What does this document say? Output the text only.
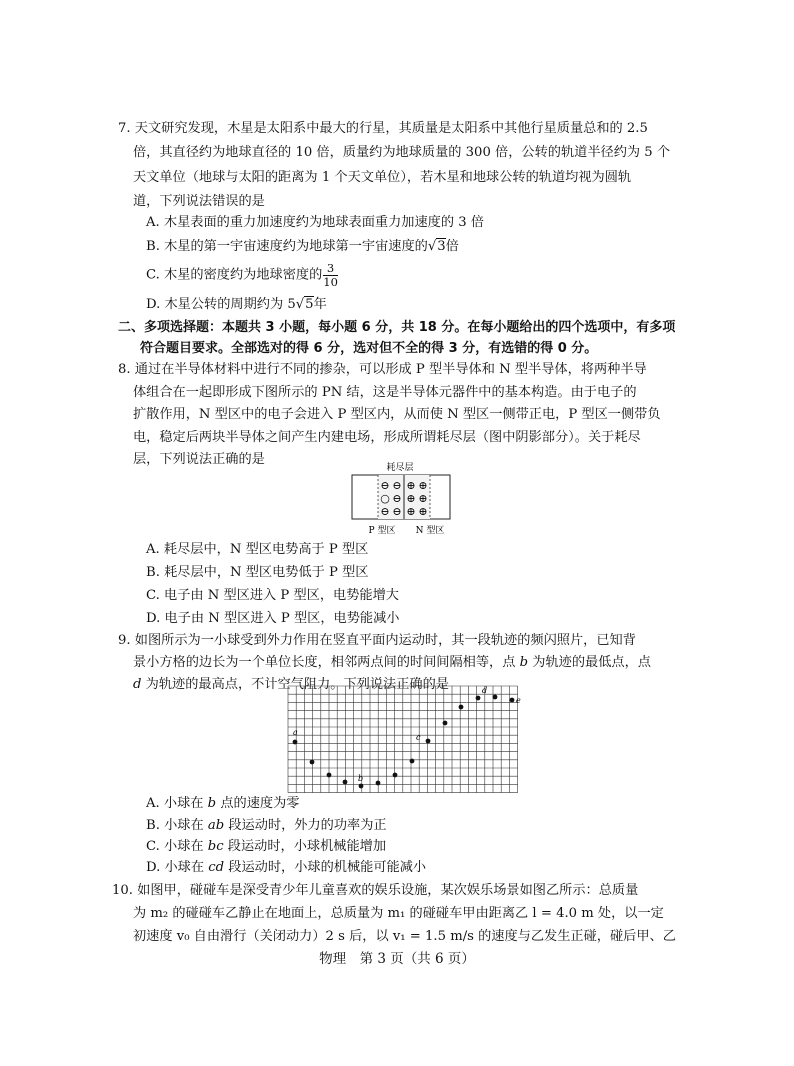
7. 天文研究发现，木星是太阳系中最大的行星，其质量是太阳系中其他行星质量总和的 2.5
倍，其直径约为地球直径的 10 倍，质量约为地球质量的 300 倍，公转的轨道半径约为 5 个
天文单位（地球与太阳的距离为 1 个天文单位），若木星和地球公转的轨道均视为圆轨
道，下列说法错误的是
A. 木星表面的重力加速度约为地球表面重力加速度的 3 倍
B. 木星的第一宇宙速度约为地球第一宇宙速度的√3倍
C. 木星的密度约为地球密度的 $\frac{3}{10}$
D. 木星公转的周期约为 5√5年
二、多项选择题：本题共 3 小题，每小题 6 分，共 18 分。在每小题给出的四个选项中，有多项
符合题目要求。全部选对的得 6 分，选对但不全的得 3 分，有选错的得 0 分。
8. 通过在半导体材料中进行不同的掺杂，可以形成 P 型半导体和 N 型半导体，将两种半导
体组合在一起即形成下图所示的 PN 结，这是半导体元器件中的基本构造。由于电子的
扩散作用，N 型区中的电子会进入 P 型区内，从而使 N 型区一侧带正电，P 型区一侧带负
电，稳定后两块半导体之间产生内建电场，形成所谓耗尽层（图中阴影部分）。关于耗尽
层，下列说法正确的是
耗尽层
⊖ ⊖ ⊕ ⊕
○ ⊖ ⊕ ⊕
⊖ ⊖ ⊕ ⊕
P 型区 N 型区
A. 耗尽层中，N 型区电势高于 P 型区
B. 耗尽层中，N 型区电势低于 P 型区
C. 电子由 N 型区进入 P 型区，电势能增大
D. 电子由 N 型区进入 P 型区，电势能减小
9. 如图所示为一小球受到外力作用在竖直平面内运动时，其一段轨迹的频闪照片，已知背
景小方格的边长为一个单位长度，相邻两点间的时间间隔相等，点 b 为轨迹的最低点，点
d 为轨迹的最高点，不计空气阻力。下列说法正确的是
a
b
c
d
e
A. 小球在 b 点的速度为零
B. 小球在 ab 段运动时，外力的功率为正
C. 小球在 bc 段运动时，小球机械能增加
D. 小球在 cd 段运动时，小球的机械能可能减小
10. 如图甲，碰碰车是深受青少年儿童喜欢的娱乐设施，某次娱乐场景如图乙所示：总质量
为 m₂ 的碰碰车乙静止在地面上，总质量为 m₁ 的碰碰车甲由距离乙 l = 4.0 m 处，以一定
初速度 v₀ 自由滑行（关闭动力）2 s 后，以 v₁ = 1.5 m/s 的速度与乙发生正碰，碰后甲、乙
物理　第 3 页（共 6 页）
